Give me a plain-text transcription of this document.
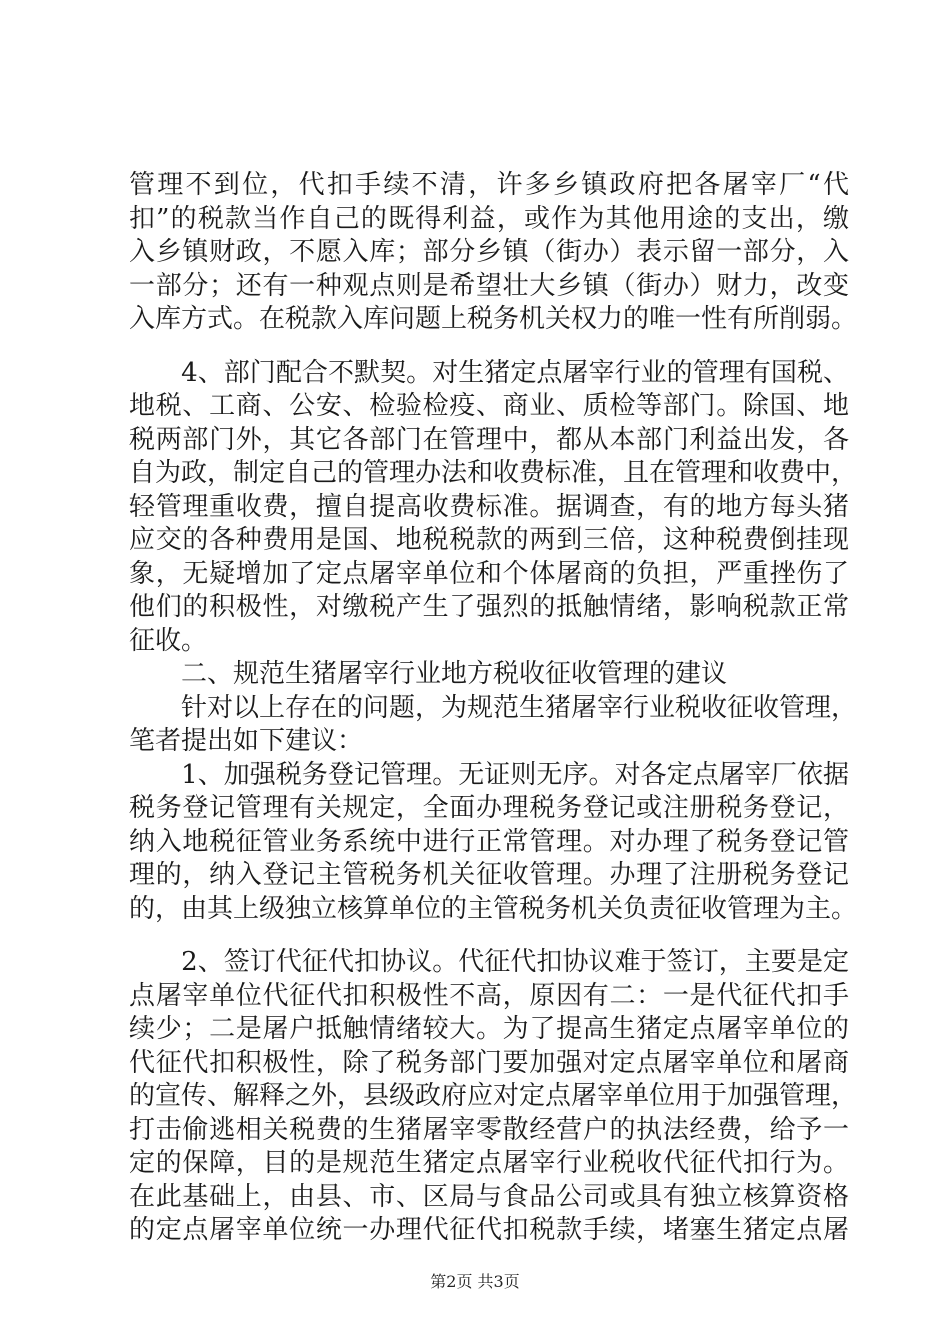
管理不到位，代扣手续不清，许多乡镇政府把各屠宰厂“代
扣”的税款当作自己的既得利益，或作为其他用途的支出，缴
入乡镇财政，不愿入库；部分乡镇（街办）表示留一部分，入
一部分；还有一种观点则是希望壮大乡镇（街办）财力，改变
入库方式。在税款入库问题上税务机关权力的唯一性有所削弱。
　　4、部门配合不默契。对生猪定点屠宰行业的管理有国税、
地税、工商、公安、检验检疫、商业、质检等部门。除国、地
税两部门外，其它各部门在管理中，都从本部门利益出发，各
自为政，制定自己的管理办法和收费标准，且在管理和收费中，
轻管理重收费，擅自提高收费标准。据调查，有的地方每头猪
应交的各种费用是国、地税税款的两到三倍，这种税费倒挂现
象，无疑增加了定点屠宰单位和个体屠商的负担，严重挫伤了
他们的积极性，对缴税产生了强烈的抵触情绪，影响税款正常
征收。
　　二、规范生猪屠宰行业地方税收征收管理的建议
　　针对以上存在的问题，为规范生猪屠宰行业税收征收管理，
笔者提出如下建议：
　　1、加强税务登记管理。无证则无序。对各定点屠宰厂依据
税务登记管理有关规定，全面办理税务登记或注册税务登记，
纳入地税征管业务系统中进行正常管理。对办理了税务登记管
理的，纳入登记主管税务机关征收管理。办理了注册税务登记
的，由其上级独立核算单位的主管税务机关负责征收管理为主。
　　2、签订代征代扣协议。代征代扣协议难于签订，主要是定
点屠宰单位代征代扣积极性不高，原因有二：一是代征代扣手
续少；二是屠户抵触情绪较大。为了提高生猪定点屠宰单位的
代征代扣积极性，除了税务部门要加强对定点屠宰单位和屠商
的宣传、解释之外，县级政府应对定点屠宰单位用于加强管理，
打击偷逃相关税费的生猪屠宰零散经营户的执法经费，给予一
定的保障，目的是规范生猪定点屠宰行业税收代征代扣行为。
第2页 共3页
在此基础上，由县、市、区局与食品公司或具有独立核算资格
的定点屠宰单位统一办理代征代扣税款手续，堵塞生猪定点屠
